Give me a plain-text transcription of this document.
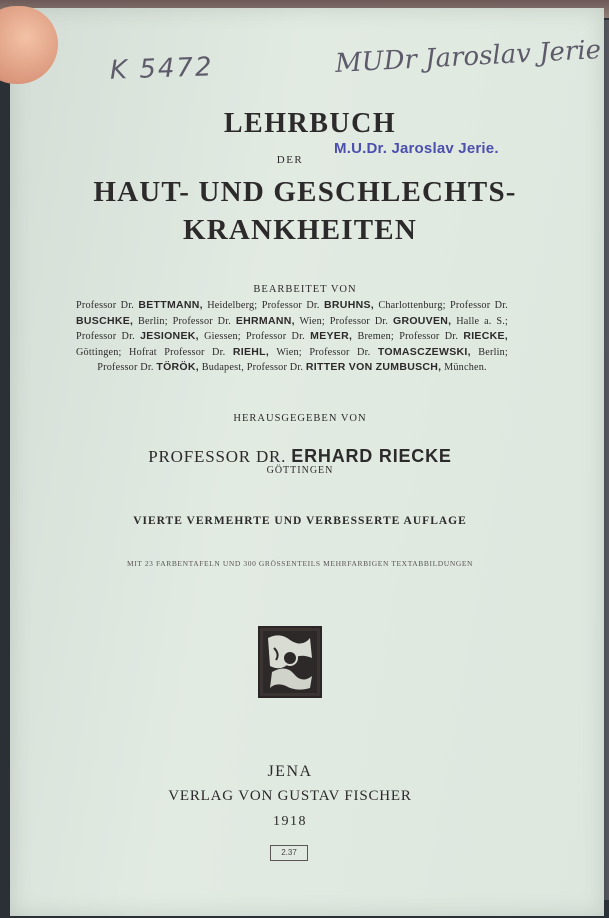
K 5472	MUDr Jaroslav Jerie
M.U.Dr. Jaroslav Jerie.
LEHRBUCH
DER
HAUT- UND GESCHLECHTS-
KRANKHEITEN
BEARBEITET VON
Professor Dr. BETTMANN, Heidelberg; Professor Dr. BRUHNS, Charlottenburg; Professor Dr. BUSCHKE, Berlin; Professor Dr. EHRMANN, Wien; Professor Dr. GROUVEN, Halle a. S.; Professor Dr. JESIONEK, Giessen; Professor Dr. MEYER, Bremen; Professor Dr. RIECKE, Göttingen; Hofrat Professor Dr. RIEHL, Wien; Professor Dr. TOMASCZEWSKI, Berlin; Professor Dr. TÖRÖK, Budapest, Professor Dr. RITTER VON ZUMBUSCH, München.
HERAUSGEGEBEN VON
PROFESSOR DR. ERHARD RIECKE
GÖTTINGEN
VIERTE VERMEHRTE UND VERBESSERTE AUFLAGE
MIT 23 FARBENTAFELN UND 300 GRÖSSENTEILS MEHRFARBIGEN TEXTABBILDUNGEN
JENA
VERLAG VON GUSTAV FISCHER
1918
2.37
